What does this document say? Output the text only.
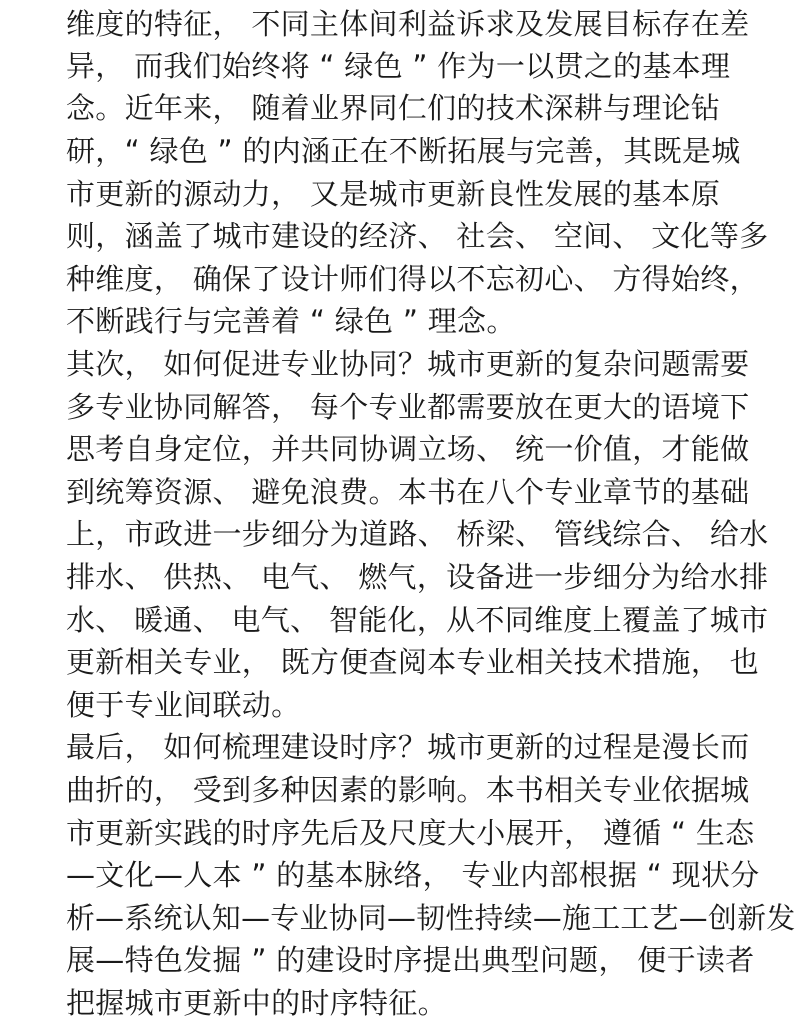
维度的特征， 不同主体间利益诉求及发展目标存在差
异， 而我们始终将 “ 绿色 ” 作为一以贯之的基本理
念。近年来， 随着业界同仁们的技术深耕与理论钻
研，“ 绿色 ” 的内涵正在不断拓展与完善，其既是城
市更新的源动力， 又是城市更新良性发展的基本原
则，涵盖了城市建设的经济、 社会、 空间、 文化等多
种维度， 确保了设计师们得以不忘初心、 方得始终，
不断践行与完善着 “ 绿色 ” 理念。
其次， 如何促进专业协同？城市更新的复杂问题需要
多专业协同解答， 每个专业都需要放在更大的语境下
思考自身定位，并共同协调立场、 统一价值，才能做
到统筹资源、 避免浪费。本书在八个专业章节的基础
上，市政进一步细分为道路、 桥梁、 管线综合、 给水
排水、 供热、 电气、 燃气，设备进一步细分为给水排
水、 暖通、 电气、 智能化，从不同维度上覆盖了城市
更新相关专业， 既方便查阅本专业相关技术措施， 也
便于专业间联动。
最后， 如何梳理建设时序？城市更新的过程是漫长而
曲折的， 受到多种因素的影响。本书相关专业依据城
市更新实践的时序先后及尺度大小展开， 遵循 “ 生态
—文化—人本 ” 的基本脉络， 专业内部根据 “ 现状分
析—系统认知—专业协同—韧性持续—施工工艺—创新发
展—特色发掘 ” 的建设时序提出典型问题， 便于读者
把握城市更新中的时序特征。
